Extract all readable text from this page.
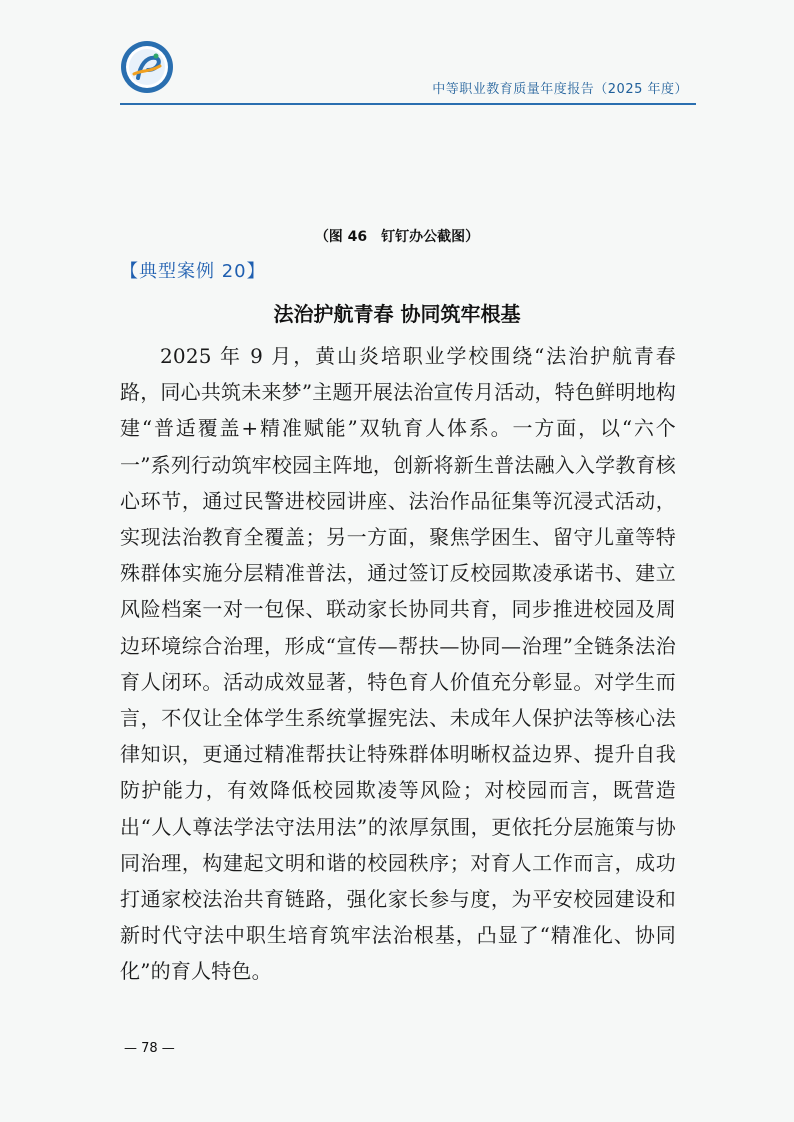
中等职业教育质量年度报告（2025 年度）
（图 46　钉钉办公截图）
【典型案例 20】
法治护航青春 协同筑牢根基

2025 年 9 月，黄山炎培职业学校围绕“法治护航青春路，同心共筑未来梦”主题开展法治宣传月活动，特色鲜明地构建“普适覆盖+精准赋能”双轨育人体系。一方面，以“六个一”系列行动筑牢校园主阵地，创新将新生普法融入入学教育核心环节，通过民警进校园讲座、法治作品征集等沉浸式活动，实现法治教育全覆盖；另一方面，聚焦学困生、留守儿童等特殊群体实施分层精准普法，通过签订反校园欺凌承诺书、建立风险档案一对一包保、联动家长协同共育，同步推进校园及周边环境综合治理，形成“宣传—帮扶—协同—治理”全链条法治育人闭环。活动成效显著，特色育人价值充分彰显。对学生而言，不仅让全体学生系统掌握宪法、未成年人保护法等核心法律知识，更通过精准帮扶让特殊群体明晰权益边界、提升自我防护能力，有效降低校园欺凌等风险；对校园而言，既营造出“人人尊法学法守法用法”的浓厚氛围，更依托分层施策与协同治理，构建起文明和谐的校园秩序；对育人工作而言，成功打通家校法治共育链路，强化家长参与度，为平安校园建设和新时代守法中职生培育筑牢法治根基，凸显了“精准化、协同化”的育人特色。

— 78 —
